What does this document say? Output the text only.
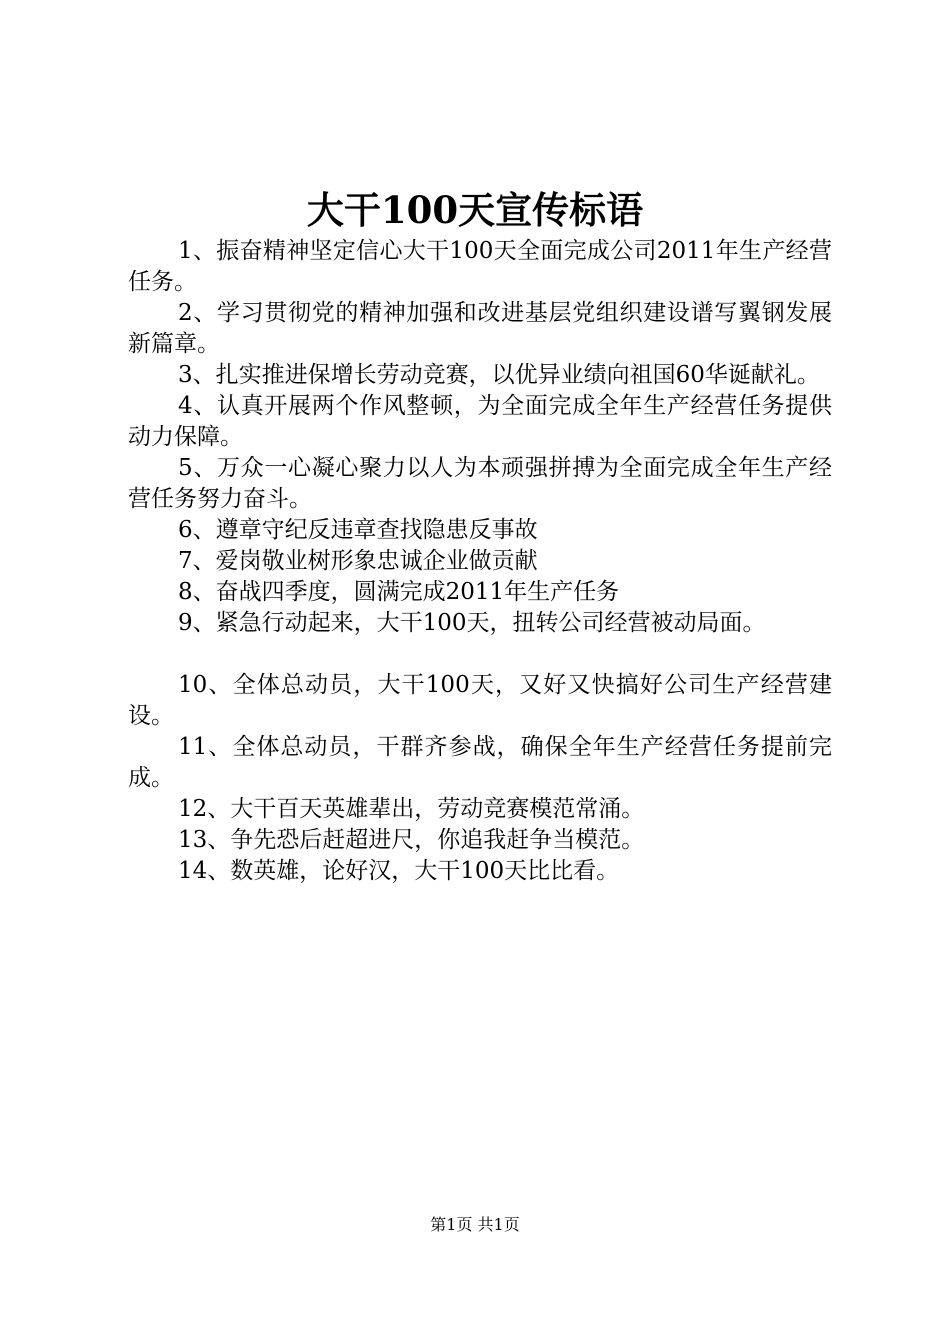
大干100天宣传标语

1、振奋精神坚定信心大干100天全面完成公司2011年生产经营任务。

2、学习贯彻党的精神加强和改进基层党组织建设谱写翼钢发展新篇章。

3、扎实推进保增长劳动竞赛，以优异业绩向祖国60华诞献礼。

4、认真开展两个作风整顿，为全面完成全年生产经营任务提供动力保障。

5、万众一心凝心聚力以人为本顽强拼搏为全面完成全年生产经营任务努力奋斗。

6、遵章守纪反违章查找隐患反事故

7、爱岗敬业树形象忠诚企业做贡献

8、奋战四季度，圆满完成2011年生产任务

9、紧急行动起来，大干100天，扭转公司经营被动局面。

10、全体总动员，大干100天，又好又快搞好公司生产经营建设。

11、全体总动员，干群齐参战，确保全年生产经营任务提前完成。

12、大干百天英雄辈出，劳动竞赛模范常涌。

13、争先恐后赶超进尺，你追我赶争当模范。

14、数英雄，论好汉，大干100天比比看。

第1页 共1页
